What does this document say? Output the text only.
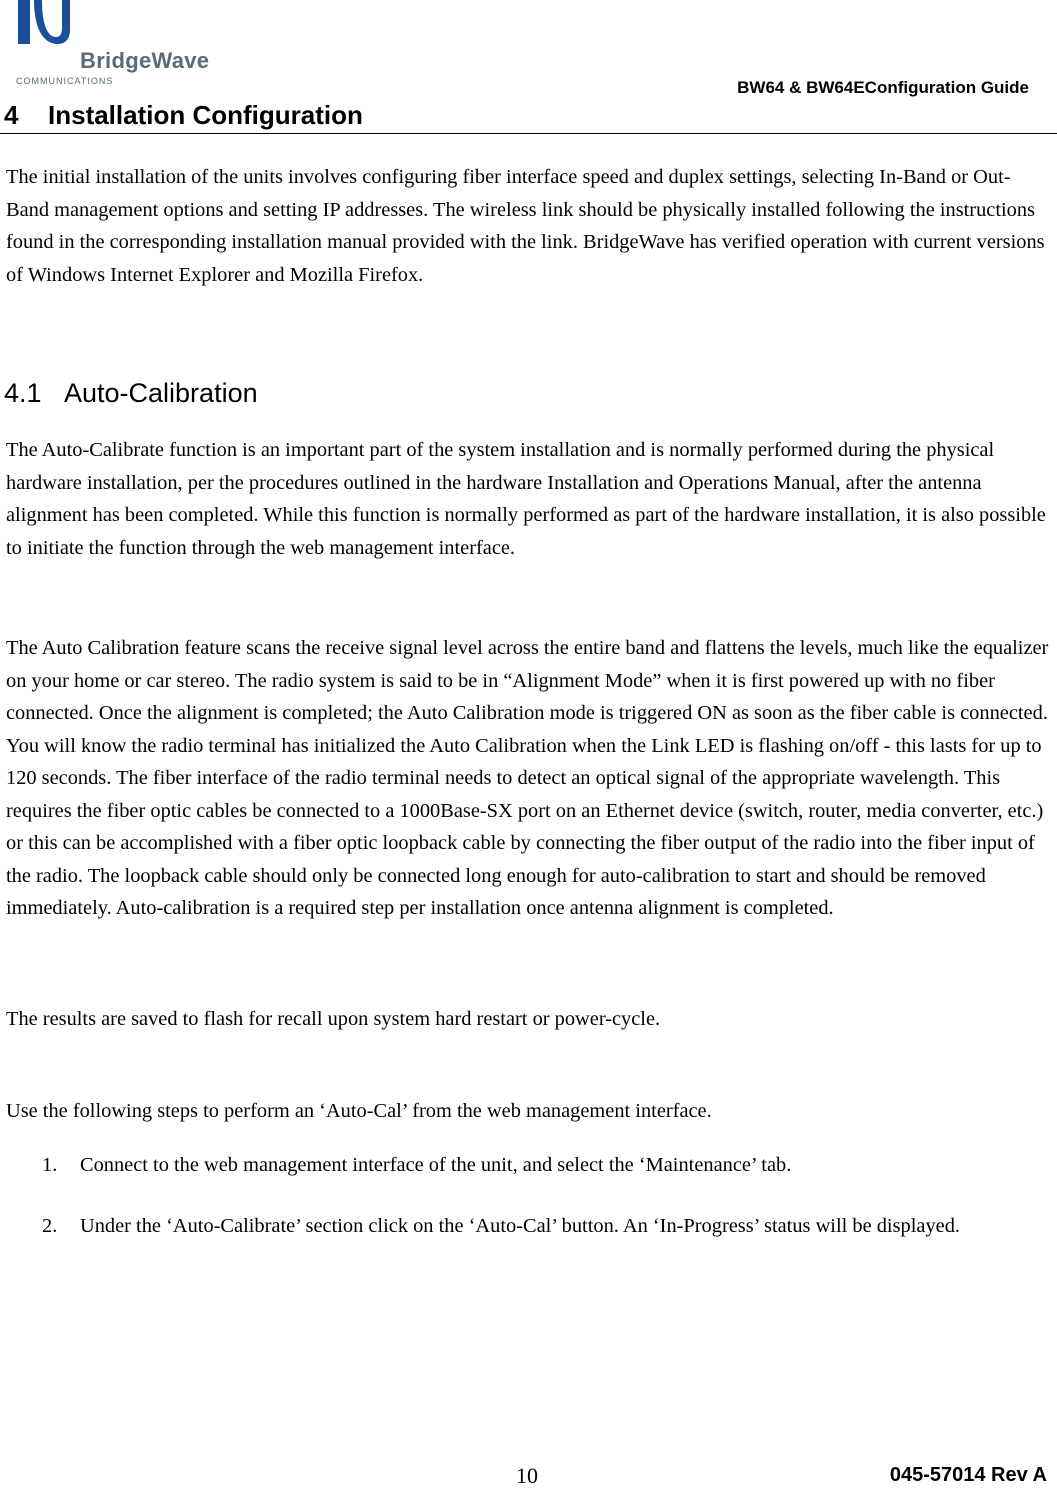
BridgeWave
COMMUNICATIONS	BW64 & BW64EConfiguration Guide
4 Installation Configuration

The initial installation of the units involves configuring fiber interface speed and duplex settings, selecting In-Band or Out-Band management options and setting IP addresses. The wireless link should be physically installed following the instructions found in the corresponding installation manual provided with the link. BridgeWave has verified operation with current versions of Windows Internet Explorer and Mozilla Firefox.

4.1 Auto-Calibration

The Auto-Calibrate function is an important part of the system installation and is normally performed during the physical hardware installation, per the procedures outlined in the hardware Installation and Operations Manual, after the antenna alignment has been completed. While this function is normally performed as part of the hardware installation, it is also possible to initiate the function through the web management interface.

The Auto Calibration feature scans the receive signal level across the entire band and flattens the levels, much like the equalizer on your home or car stereo. The radio system is said to be in “Alignment Mode” when it is first powered up with no fiber connected. Once the alignment is completed; the Auto Calibration mode is triggered ON as soon as the fiber cable is connected. You will know the radio terminal has initialized the Auto Calibration when the Link LED is flashing on/off - this lasts for up to 120 seconds. The fiber interface of the radio terminal needs to detect an optical signal of the appropriate wavelength. This requires the fiber optic cables be connected to a 1000Base-SX port on an Ethernet device (switch, router, media converter, etc.) or this can be accomplished with a fiber optic loopback cable by connecting the fiber output of the radio into the fiber input of the radio. The loopback cable should only be connected long enough for auto-calibration to start and should be removed immediately. Auto-calibration is a required step per installation once antenna alignment is completed.

The results are saved to flash for recall upon system hard restart or power-cycle.

Use the following steps to perform an ‘Auto-Cal’ from the web management interface.

1. Connect to the web management interface of the unit, and select the ‘Maintenance’ tab.
2. Under the ‘Auto-Calibrate’ section click on the ‘Auto-Cal’ button. An ‘In-Progress’ status will be displayed.
10	045-57014 Rev A
